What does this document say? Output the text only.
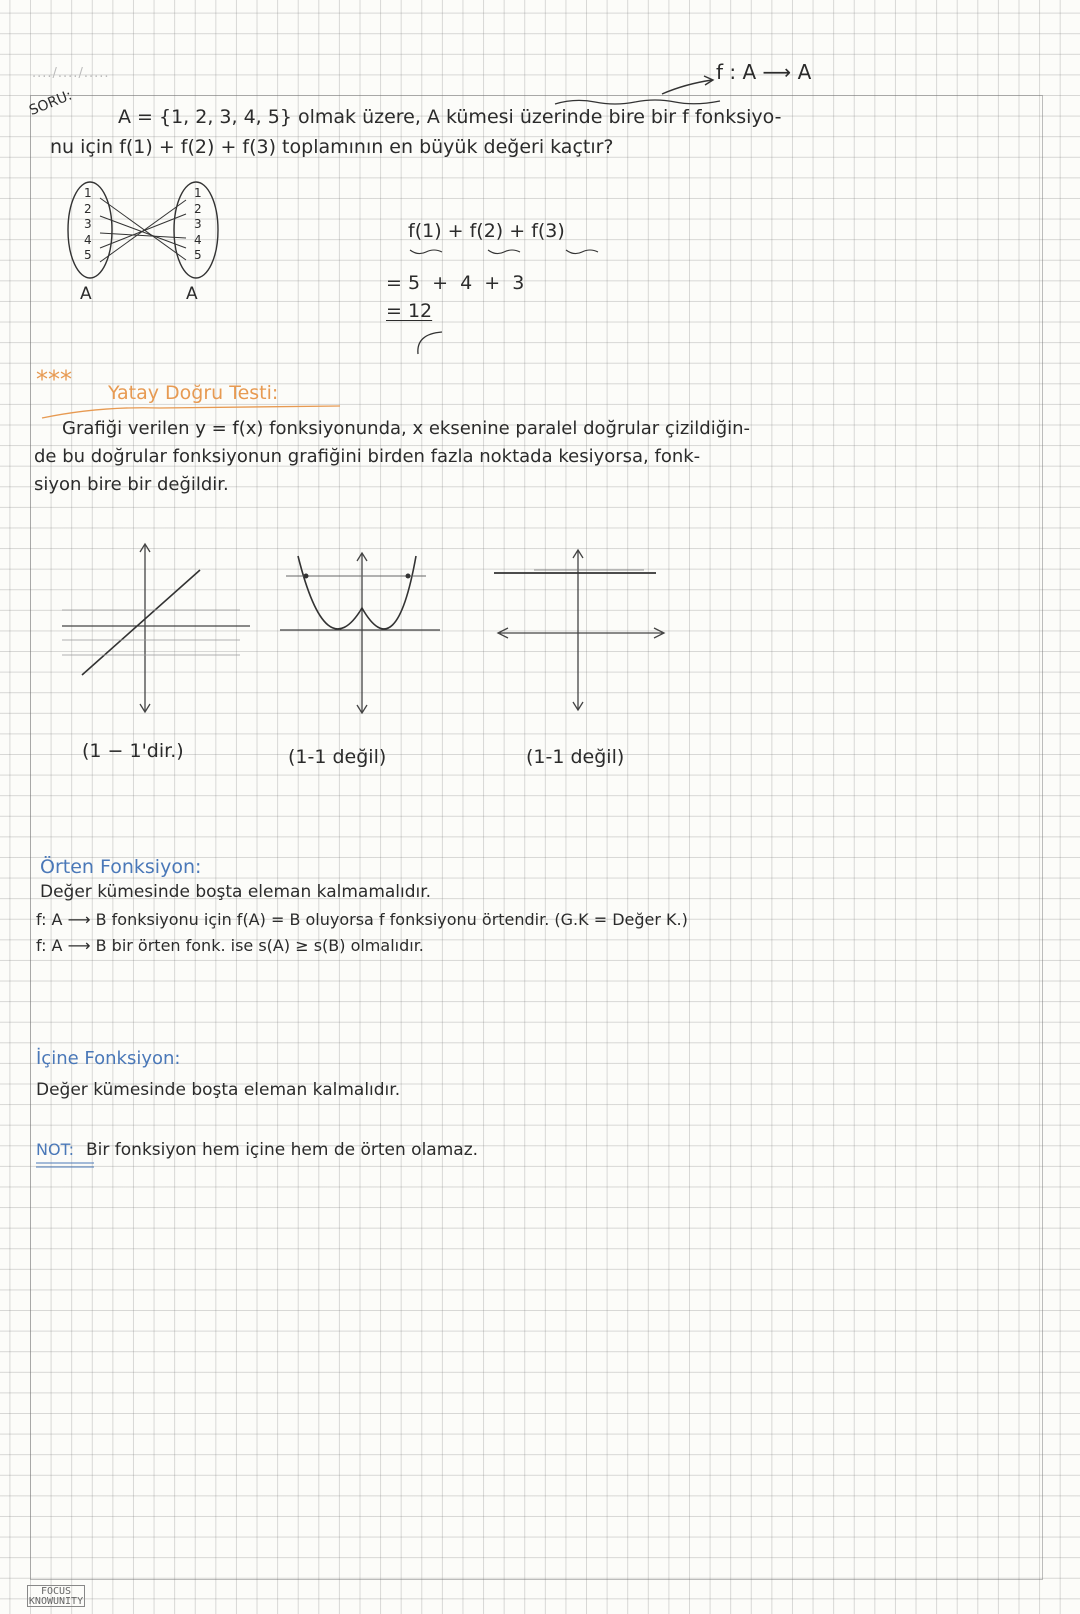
..../..../.....	f : A ⟶ A
SORU: A = {1, 2, 3, 4, 5} olmak üzere, A kümesi üzerinde bire bir f fonksiyo-
nu için f(1) + f(2) + f(3) toplamının en büyük değeri kaçtır?
1
2
3
4
5
1
2
3
4
5
A	A
f(1) + f(2) + f(3)
= 5  +  4  +  3
= 12
⁎⁎⁎
Yatay Doğru Testi:
Grafiği verilen y = f(x) fonksiyonunda, x eksenine paralel doğrular çizildiğin-
de bu doğrular fonksiyonun grafiğini birden fazla noktada kesiyorsa, fonk-
siyon bire bir değildir.
(1 − 1'dir.)	(1-1 değil)	(1-1 değil)
Örten Fonksiyon:
Değer kümesinde boşta eleman kalmamalıdır.
f: A ⟶ B fonksiyonu için f(A) = B oluyorsa f fonksiyonu örtendir. (G.K = Değer K.)
f: A ⟶ B bir örten fonk. ise s(A) ≥ s(B) olmalıdır.
İçine Fonksiyon:
Değer kümesinde boşta eleman kalmalıdır.
NOT: Bir fonksiyon hem içine hem de örten olamaz.
FOCUS KNOWUNITY
